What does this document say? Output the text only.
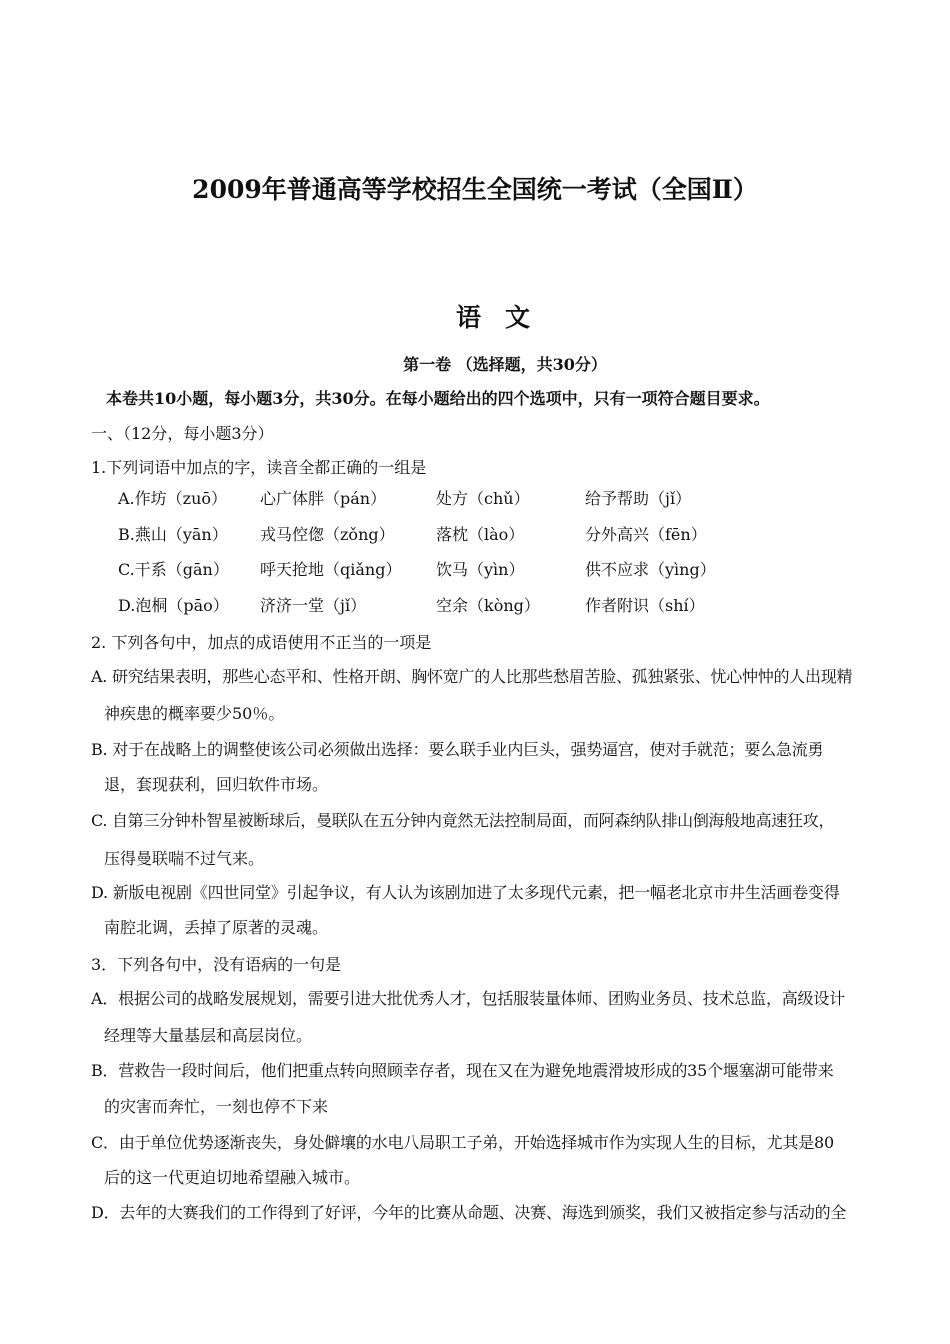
2009年普通高等学校招生全国统一考试（全国Ⅱ）
语文
第一卷 （选择题，共30分）
本卷共10小题，每小题3分，共30分。在每小题给出的四个选项中，只有一项符合题目要求。
一、（12分，每小题3分）
1.下列词语中加点的字，读音全都正确的一组是
A.作坊（zuō） 心广体胖（pán）	处方（chǔ）	给予帮助（jǐ）
B.燕山（yān） 戎马倥偬（zǒng）	落枕（lào）	分外高兴（fēn）
C.干系（gān） 呼天抢地（qiǎng） 饮马（yìn）	供不应求（yìng）
D.泡桐（pāo） 济济一堂（jǐ）	空余（kòng）	作者附识（shí）
2. 下列各句中，加点的成语使用不正当的一项是
A. 研究结果表明，那些心态平和、性格开朗、胸怀宽广的人比那些愁眉苦脸、孤独紧张、忧心忡忡的人出现精
神疾患的概率要少50％。
B. 对于在战略上的调整使该公司必须做出选择：要么联手业内巨头，强势逼宫，使对手就范；要么急流勇
退，套现获利，回归软件市场。
C. 自第三分钟朴智星被断球后，曼联队在五分钟内竟然无法控制局面，而阿森纳队排山倒海般地高速狂攻，
压得曼联喘不过气来。
D. 新版电视剧《四世同堂》引起争议，有人认为该剧加进了太多现代元素，把一幅老北京市井生活画卷变得
南腔北调，丢掉了原著的灵魂。
3．下列各句中，没有语病的一句是
A．根据公司的战略发展规划，需要引进大批优秀人才，包括服装量体师、团购业务员、技术总监，高级设计
经理等大量基层和高层岗位。
B．营救告一段时间后，他们把重点转向照顾幸存者，现在又在为避免地震滑坡形成的35个堰塞湖可能带来
的灾害而奔忙，一刻也停不下来
C．由于单位优势逐渐丧失，身处僻壤的水电八局职工子弟，开始选择城市作为实现人生的目标，尤其是80
后的这一代更迫切地希望融入城市。
D．去年的大赛我们的工作得到了好评，今年的比赛从命题、决赛、海选到颁奖，我们又被指定参与活动的全
